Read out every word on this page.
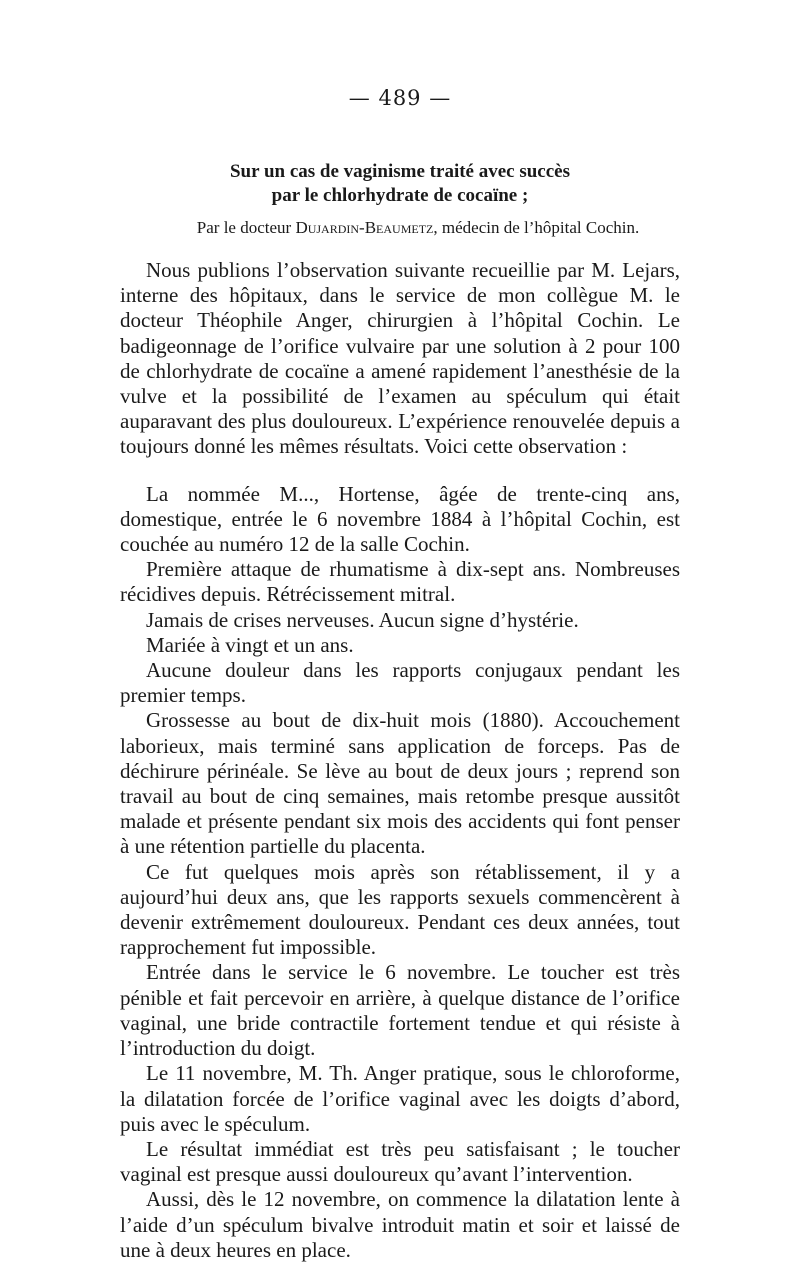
— 489 —
Sur un cas de vaginisme traité avec succès
par le chlorhydrate de cocaïne ;
Par le docteur Dujardin-Beaumetz, médecin de l’hôpital Cochin.

Nous publions l’observation suivante recueillie par M. Lejars, interne des hôpitaux, dans le service de mon collègue M. le docteur Théophile Anger, chirurgien à l’hôpital Cochin. Le badigeonnage de l’orifice vulvaire par une solution à 2 pour 100 de chlorhydrate de cocaïne a amené rapidement l’anesthésie de la vulve et la possibilité de l’examen au spéculum qui était auparavant des plus douloureux. L’expérience renouvelée depuis a toujours donné les mêmes résultats. Voici cette observation :

La nommée M..., Hortense, âgée de trente-cinq ans, domestique, entrée le 6 novembre 1884 à l’hôpital Cochin, est couchée au numéro 12 de la salle Cochin.

Première attaque de rhumatisme à dix-sept ans. Nombreuses récidives depuis. Rétrécissement mitral.

Jamais de crises nerveuses. Aucun signe d’hystérie.

Mariée à vingt et un ans.

Aucune douleur dans les rapports conjugaux pendant les premier temps.

Grossesse au bout de dix-huit mois (1880). Accouchement laborieux, mais terminé sans application de forceps. Pas de déchirure périnéale. Se lève au bout de deux jours ; reprend son travail au bout de cinq semaines, mais retombe presque aussitôt malade et présente pendant six mois des accidents qui font penser à une rétention partielle du placenta.

Ce fut quelques mois après son rétablissement, il y a aujourd’hui deux ans, que les rapports sexuels commencèrent à devenir extrêmement douloureux. Pendant ces deux années, tout rapprochement fut impossible.

Entrée dans le service le 6 novembre. Le toucher est très pénible et fait percevoir en arrière, à quelque distance de l’orifice vaginal, une bride contractile fortement tendue et qui résiste à l’introduction du doigt.

Le 11 novembre, M. Th. Anger pratique, sous le chloroforme, la dilatation forcée de l’orifice vaginal avec les doigts d’abord, puis avec le spéculum.

Le résultat immédiat est très peu satisfaisant ; le toucher vaginal est presque aussi douloureux qu’avant l’intervention.

Aussi, dès le 12 novembre, on commence la dilatation lente à l’aide d’un spéculum bivalve introduit matin et soir et laissé de une à deux heures en place.
